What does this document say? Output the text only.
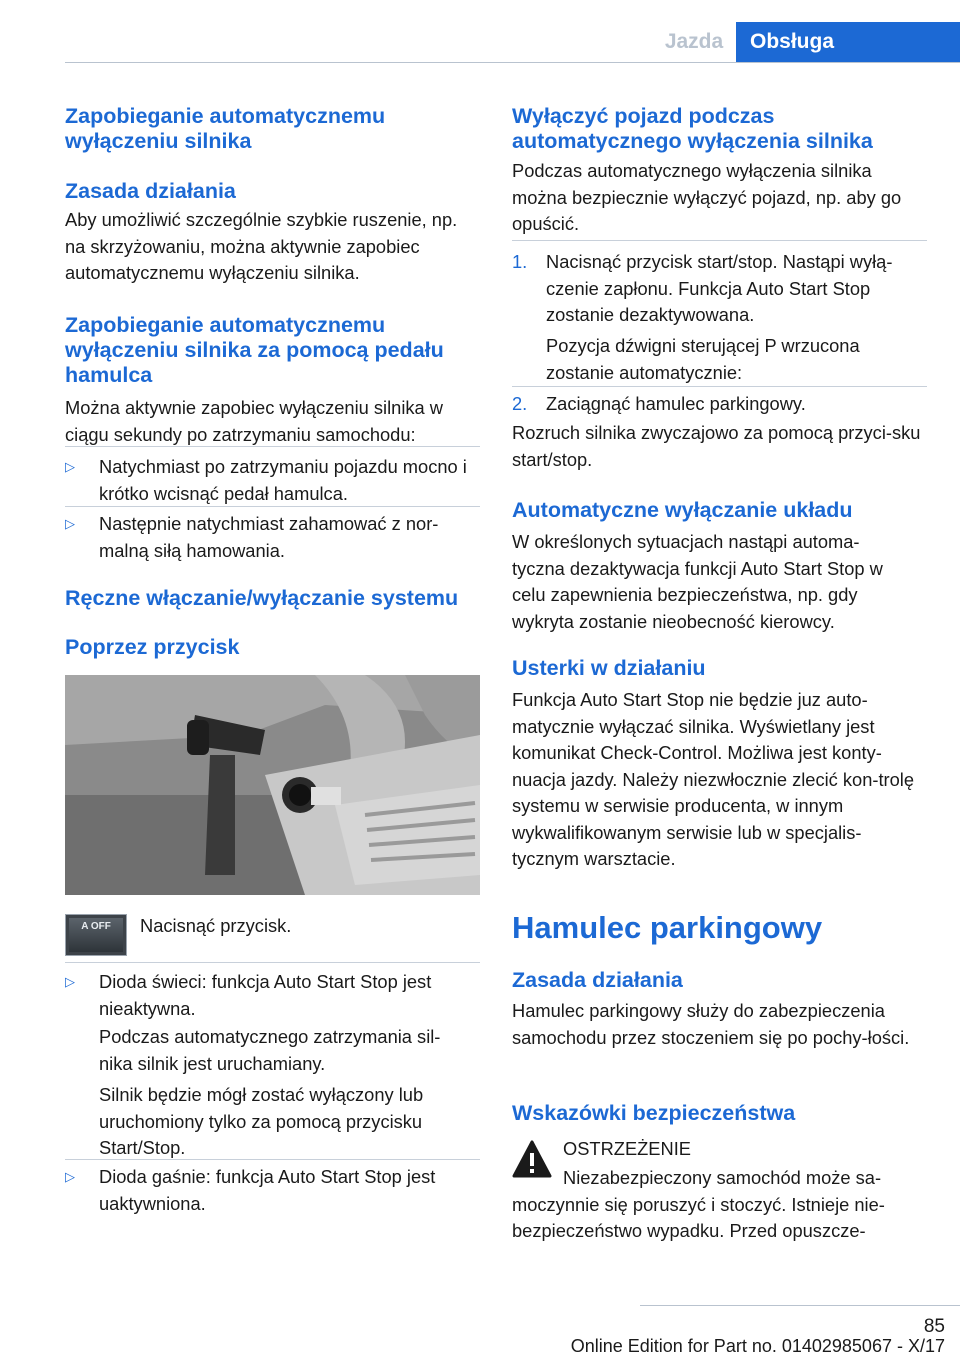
Jazda	Obsługa
Zapobieganie automatycznemu wyłączeniu silnika
Zasada działania

Aby umożliwić szczególnie szybkie ruszenie, np. na skrzyżowaniu, można aktywnie zapobiec automatycznemu wyłączeniu silnika.

Zapobieganie automatycznemu wyłączeniu silnika za pomocą pedału hamulca

Można aktywnie zapobiec wyłączeniu silnika w ciągu sekundy po zatrzymaniu samochodu:

▷ Natychmiast po zatrzymaniu pojazdu mocno i krótko wcisnąć pedał hamulca.
▷ Następnie natychmiast zahamować z nor-malną siłą hamowania.
Ręczne włączanie/wyłączanie systemu
Poprzez przycisk
A OFF	Nacisnąć przycisk.

▷ Dioda świeci: funkcja Auto Start Stop jest nieaktywna.

Podczas automatycznego zatrzymania sil-nika silnik jest uruchamiany.

Silnik będzie mógł zostać wyłączony lub uruchomiony tylko za pomocą przycisku Start/Stop.

▷ Dioda gaśnie: funkcja Auto Start Stop jest uaktywniona.
Wyłączyć pojazd podczas automatycznego wyłączenia silnika

Podczas automatycznego wyłączenia silnika można bezpiecznie wyłączyć pojazd, np. aby go opuścić.

1. Nacisnąć przycisk start/stop. Nastąpi wyłą-czenie zapłonu. Funkcja Auto Start Stop zostanie dezaktywowana.

Pozycja dźwigni sterującej P wrzucona zostanie automatycznie:

2. Zaciągnąć hamulec parkingowy.

Rozruch silnika zwyczajowo za pomocą przyci-sku start/stop.

Automatyczne wyłączanie układu

W określonych sytuacjach nastąpi automa-tyczna dezaktywacja funkcji Auto Start Stop w celu zapewnienia bezpieczeństwa, np. gdy wykryta zostanie nieobecność kierowcy.

Usterki w działaniu

Funkcja Auto Start Stop nie będzie juz auto-matycznie wyłączać silnika. Wyświetlany jest komunikat Check-Control. Możliwa jest konty-nuacja jazdy. Należy niezwłocznie zlecić kon-trolę systemu w serwisie producenta, w innym wykwalifikowanym serwisie lub w specjalis-tycznym warsztacie.

Hamulec parkingowy
Zasada działania

Hamulec parkingowy służy do zabezpieczenia samochodu przez stoczeniem się po pochy-łości.

Wskazówki bezpieczeństwa

OSTRZEŻENIE

Niezabezpieczony samochód może sa-moczynnie się poruszyć i stoczyć. Istnieje nie-bezpieczeństwo wypadku. Przed opuszcze-

85
Online Edition for Part no. 01402985067 - X/17
